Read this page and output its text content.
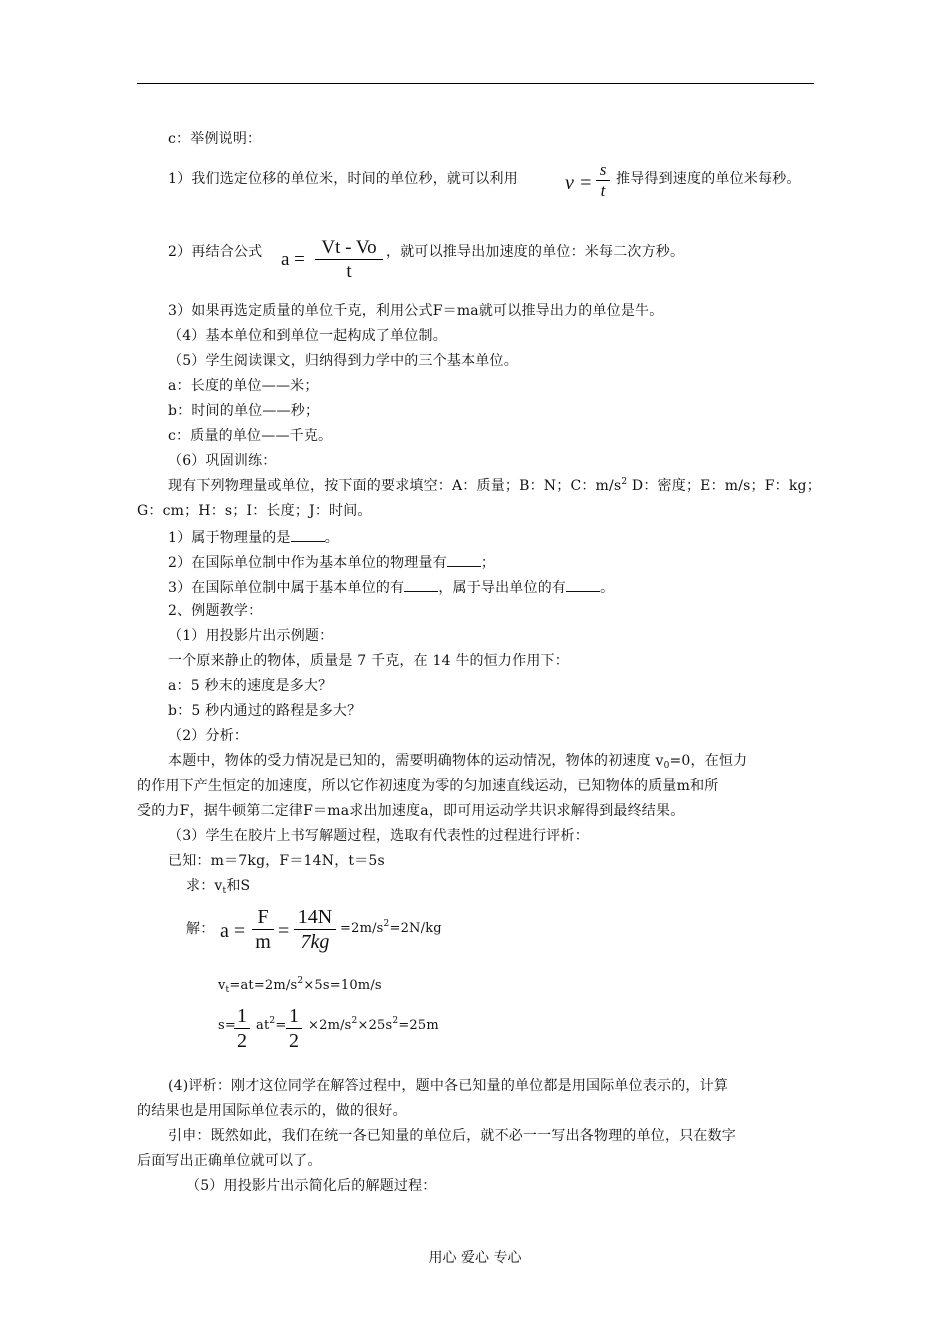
c：举例说明：
1）我们选定位移的单位米，时间的单位秒，就可以利用 v =
s
t
推导得到速度的单位米每秒。
2）再结合公式 a =
Vt - Vo
t
，就可以推导出加速度的单位：米每二次方秒。
3）如果再选定质量的单位千克，利用公式F＝ma就可以推导出力的单位是牛。
（4）基本单位和到单位一起构成了单位制。
（5）学生阅读课文，归纳得到力学中的三个基本单位。
a：长度的单位——米；
b：时间的单位——秒；
c：质量的单位——千克。
（6）巩固训练：
现有下列物理量或单位，按下面的要求填空：A：质量；B：N；C：$m/s^2$ D：密度；E：m/s；F：kg；
G：cm；H：s；I：长度；J：时间。
1）属于物理量的是 。
2）在国际单位制中作为基本单位的物理量有 ；
3）在国际单位制中属于基本单位的有 ，属于导出单位的有 。
2、例题教学：
（1）用投影片出示例题：
一个原来静止的物体，质量是 7 千克，在 14 牛的恒力作用下：
a：5 秒末的速度是多大？
b：5 秒内通过的路程是多大？
（2）分析：
本题中，物体的受力情况是已知的，需要明确物体的运动情况，物体的初速度 $v_0=0$，在恒力
的作用下产生恒定的加速度，所以它作初速度为零的匀加速直线运动，已知物体的质量m和所
受的力F，据牛顿第二定律F＝ma求出加速度a，即可用运动学共识求解得到最终结果。
（3）学生在胶片上书写解题过程，选取有代表性的过程进行评析：
已知：m＝7kg，F＝14N，t＝5s
求：$v_t$和S
解： a =
F
m =
14N
7kg
$=2m/s^2=2N/kg$
$v_t=at=2m/s^2\times 5s=10m/s$
s= 1
2
$at^2= 1$
2
$\times 2m/s^2\times 25s^2=25m$
(4)评析：刚才这位同学在解答过程中，题中各已知量的单位都是用国际单位表示的，计算
的结果也是用国际单位表示的，做的很好。
引申：既然如此，我们在统一各已知量的单位后，就不必一一写出各物理的单位，只在数字
后面写出正确单位就可以了。
（5）用投影片出示简化后的解题过程：
用心 爱心 专心
